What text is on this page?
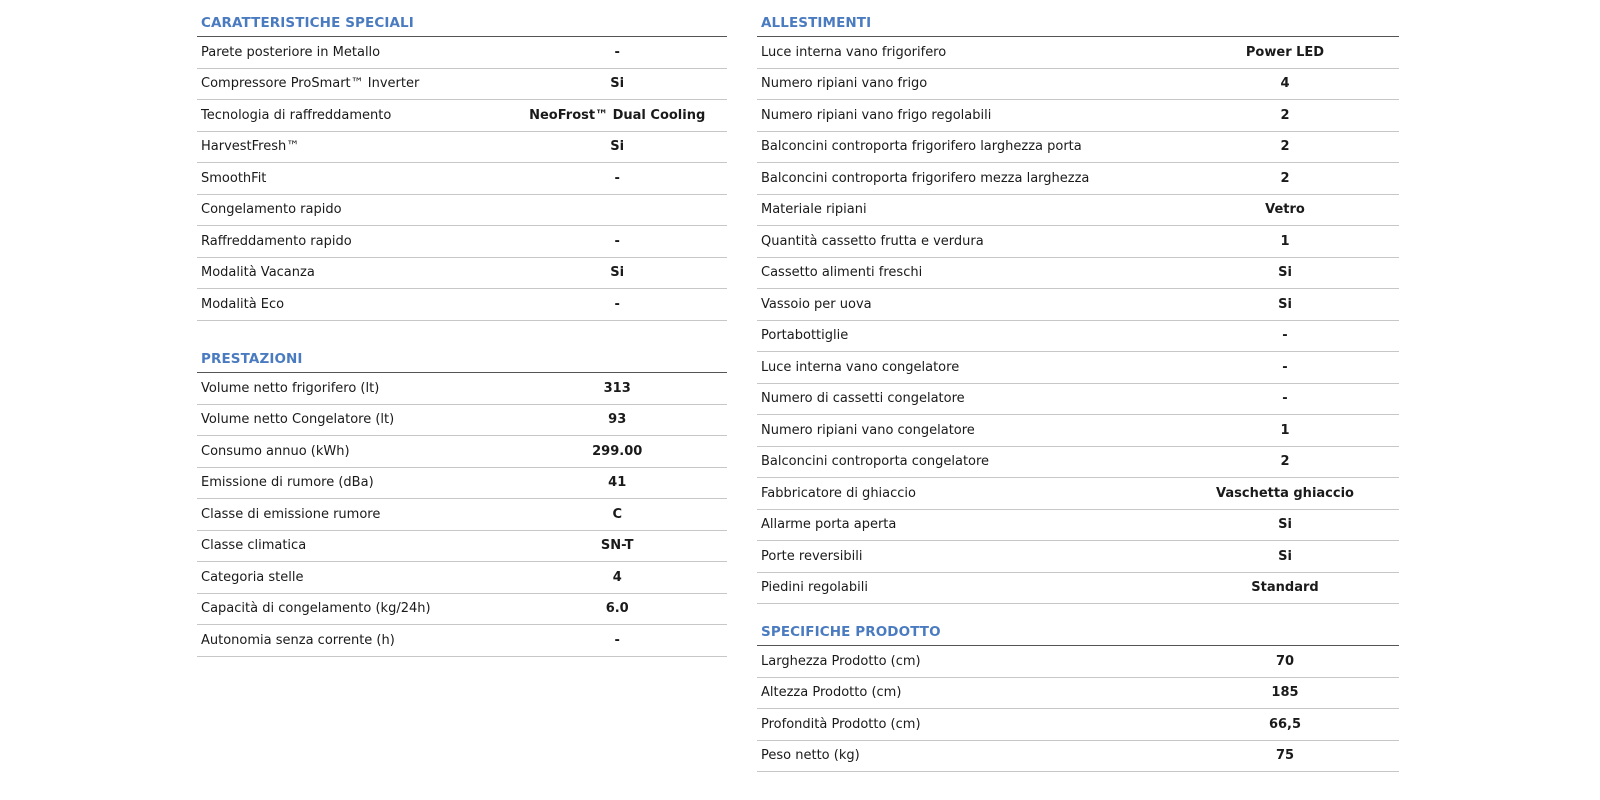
CARATTERISTICHE SPECIALI
Parete posteriore in Metallo	-
Compressore ProSmart™ Inverter	Si
Tecnologia di raffreddamento	NeoFrost™ Dual Cooling
HarvestFresh™	Si
SmoothFit	-
Congelamento rapido
Raffreddamento rapido	-
Modalità Vacanza	Si
Modalità Eco	-
PRESTAZIONI
Volume netto frigorifero (lt)	313
Volume netto Congelatore (lt)	93
Consumo annuo (kWh)	299.00
Emissione di rumore (dBa)	41
Classe di emissione rumore	C
Classe climatica	SN-T
Categoria stelle	4
Capacità di congelamento (kg/24h)	6.0
Autonomia senza corrente (h)	-
ALLESTIMENTI
Luce interna vano frigorifero	Power LED
Numero ripiani vano frigo	4
Numero ripiani vano frigo regolabili	2
Balconcini controporta frigorifero larghezza porta	2
Balconcini controporta frigorifero mezza larghezza	2
Materiale ripiani	Vetro
Quantità cassetto frutta e verdura	1
Cassetto alimenti freschi	Si
Vassoio per uova	Si
Portabottiglie	-
Luce interna vano congelatore	-
Numero di cassetti congelatore	-
Numero ripiani vano congelatore	1
Balconcini controporta congelatore	2
Fabbricatore di ghiaccio	Vaschetta ghiaccio
Allarme porta aperta	Si
Porte reversibili	Si
Piedini regolabili	Standard
SPECIFICHE PRODOTTO
Larghezza Prodotto (cm)	70
Altezza Prodotto (cm)	185
Profondità Prodotto (cm)	66,5
Peso netto (kg)	75
